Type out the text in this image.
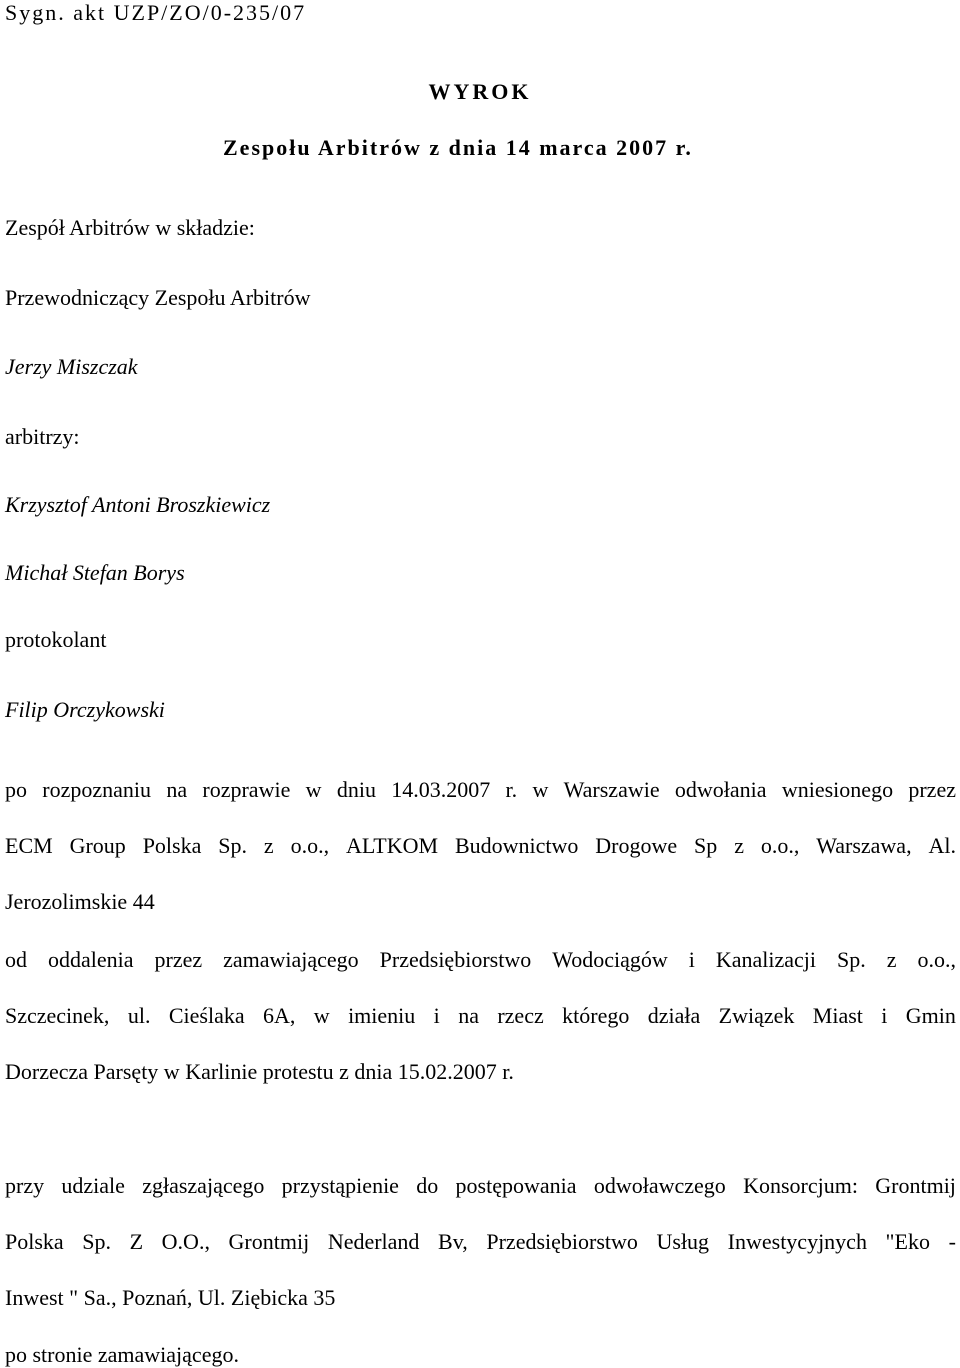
Sygn. akt UZP/ZO/0-235/07

WYROK

Zespołu Arbitrów z dnia 14 marca 2007 r.

Zespół Arbitrów w składzie:

Przewodniczący Zespołu Arbitrów

Jerzy Miszczak

arbitrzy:

Krzysztof Antoni Broszkiewicz

Michał Stefan Borys

protokolant

Filip Orczykowski

po rozpoznaniu na rozprawie w dniu 14.03.2007 r. w Warszawie odwołania wniesionego przez

ECM Group Polska Sp. z o.o., ALTKOM Budownictwo Drogowe Sp z o.o., Warszawa, Al.

Jerozolimskie 44

od oddalenia przez zamawiającego Przedsiębiorstwo Wodociągów i Kanalizacji Sp. z o.o.,

Szczecinek, ul. Cieślaka 6A, w imieniu i na rzecz którego działa Związek Miast i Gmin

Dorzecza Parsęty w Karlinie protestu z dnia 15.02.2007 r.

przy udziale zgłaszającego przystąpienie do postępowania odwoławczego Konsorcjum: Grontmij

Polska Sp. Z O.O., Grontmij Nederland Bv, Przedsiębiorstwo Usług Inwestycyjnych "Eko -

Inwest " Sa., Poznań, Ul. Ziębicka 35

po stronie zamawiającego.
